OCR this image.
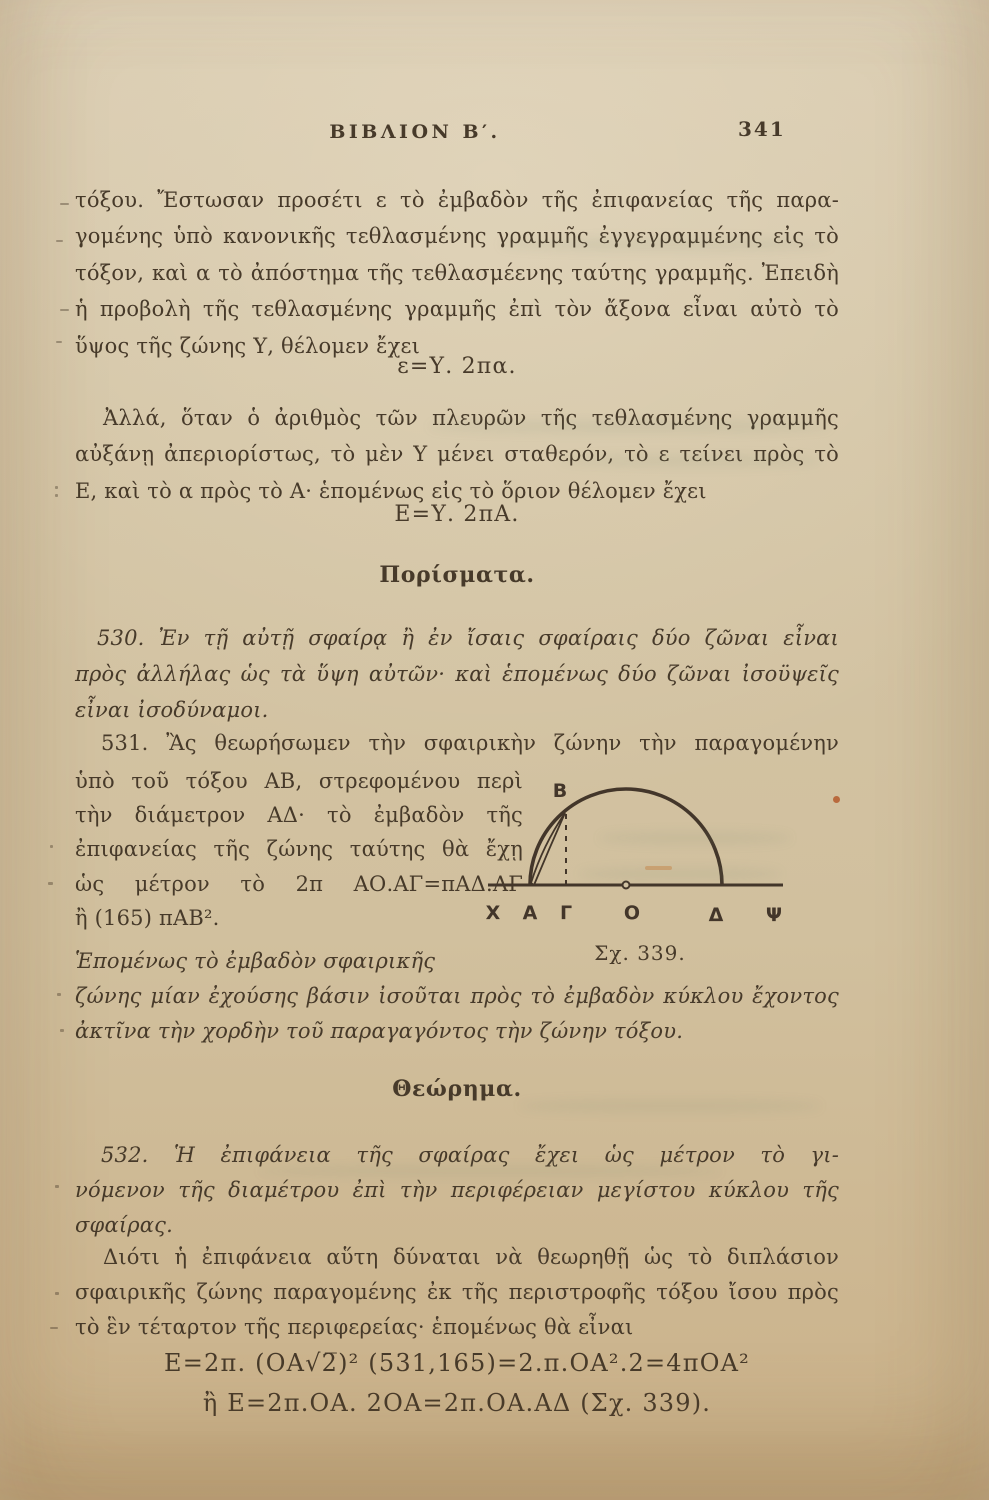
ΒΙΒΛΙΟΝ Β′.	341
τόξου. Ἔστωσαν προσέτι ε τὸ ἐμβαδὸν τῆς ἐπιφανείας τῆς παρα-
γομένης ὑπὸ κανονικῆς τεθλασμένης γραμμῆς ἐγγεγραμμένης εἰς τὸ
τόξον, καὶ α τὸ ἀπόστημα τῆς τεθλασμέενης ταύτης γραμμῆς. Ἐπειδὴ
ἡ προβολὴ τῆς τεθλασμένης γραμμῆς ἐπὶ τὸν ἄξονα εἶναι αὐτὸ τὸ
ὕψος τῆς ζώνης Υ, θέλομεν ἔχει
ε=Υ. 2πα.
Ἀλλά, ὅταν ὁ ἀριθμὸς τῶν πλευρῶν τῆς τεθλασμένης γραμμῆς
αὐξάνῃ ἀπεριορίστως, τὸ μὲν Υ μένει σταθερόν, τὸ ε τείνει πρὸς τὸ
Ε, καὶ τὸ α πρὸς τὸ Α· ἑπομένως εἰς τὸ ὅριον θέλομεν ἔχει
Ε=Υ. 2πΑ.
Πορίσματα.
530. Ἐν τῇ αὐτῇ σφαίρᾳ ἢ ἐν ἴσαις σφαίραις δύο ζῶναι εἶναι
πρὸς ἀλλήλας ὡς τὰ ὕψη αὐτῶν· καὶ ἑπομένως δύο ζῶναι ἰσοϋψεῖς
εἶναι ἰσοδύναμοι.
531. Ἂς θεωρήσωμεν τὴν σφαιρικὴν ζώνην τὴν παραγομένην
ὑπὸ τοῦ τόξου ΑΒ, στρεφομένου περὶ
τὴν διάμετρον ΑΔ· τὸ ἐμβαδὸν τῆς
ἐπιφανείας τῆς ζώνης ταύτης θὰ ἔχῃ
ὡς μέτρον τὸ 2π ΑΟ.ΑΓ=πΑΔ.ΑΓ
ἢ (165) πΑΒ².
Β
Χ Α Γ	Ο	Δ Ψ
Σχ. 339.
Ἑπομένως τὸ ἐμβαδὸν σφαιρικῆς
ζώνης μίαν ἐχούσης βάσιν ἰσοῦται πρὸς τὸ ἐμβαδὸν κύκλου ἔχοντος
ἀκτῖνα τὴν χορδὴν τοῦ παραγαγόντος τὴν ζώνην τόξου.
Θεώρημα.
532. Ἡ ἐπιφάνεια τῆς σφαίρας ἔχει ὡς μέτρον τὸ γι-
νόμενον τῆς διαμέτρου ἐπὶ τὴν περιφέρειαν μεγίστου κύκλου τῆς
σφαίρας.
Διότι ἡ ἐπιφάνεια αὕτη δύναται νὰ θεωρηθῇ ὡς τὸ διπλάσιον
σφαιρικῆς ζώνης παραγομένης ἐκ τῆς περιστροφῆς τόξου ἴσου πρὸς
τὸ ἓν τέταρτον τῆς περιφερείας· ἑπομένως θὰ εἶναι
Ε=2π. (ΟΑ√2̅)² (531,165)=2.π.ΟΑ².2=4πΟΑ²
ἢ Ε=2π.ΟΑ. 2ΟΑ=2π.ΟΑ.ΑΔ (Σχ. 339).
